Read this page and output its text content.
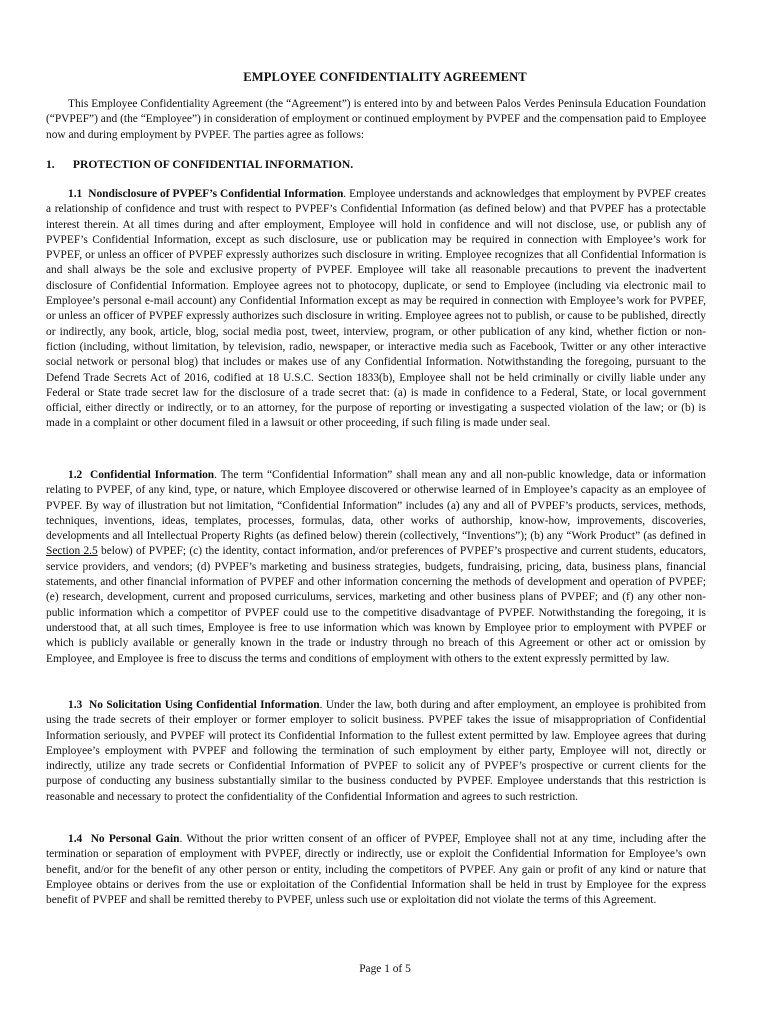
EMPLOYEE CONFIDENTIALITY AGREEMENT

This Employee Confidentiality Agreement (the “Agreement”) is entered into by and between Palos Verdes Peninsula Education Foundation (“PVPEF”) and (the “Employee”) in consideration of employment or continued employment by PVPEF and the compensation paid to Employee now and during employment by PVPEF. The parties agree as follows:

1. PROTECTION OF CONFIDENTIAL INFORMATION.

1.1 Nondisclosure of PVPEF’s Confidential Information. Employee understands and acknowledges that employment by PVPEF creates a relationship of confidence and trust with respect to PVPEF’s Confidential Information (as defined below) and that PVPEF has a protectable interest therein. At all times during and after employment, Employee will hold in confidence and will not disclose, use, or publish any of PVPEF’s Confidential Information, except as such disclosure, use or publication may be required in connection with Employee’s work for PVPEF, or unless an officer of PVPEF expressly authorizes such disclosure in writing. Employee recognizes that all Confidential Information is and shall always be the sole and exclusive property of PVPEF. Employee will take all reasonable precautions to prevent the inadvertent disclosure of Confidential Information. Employee agrees not to photocopy, duplicate, or send to Employee (including via electronic mail to Employee’s personal e-mail account) any Confidential Information except as may be required in connection with Employee’s work for PVPEF, or unless an officer of PVPEF expressly authorizes such disclosure in writing. Employee agrees not to publish, or cause to be published, directly or indirectly, any book, article, blog, social media post, tweet, interview, program, or other publication of any kind, whether fiction or non-fiction (including, without limitation, by television, radio, newspaper, or interactive media such as Facebook, Twitter or any other interactive social network or personal blog) that includes or makes use of any Confidential Information. Notwithstanding the foregoing, pursuant to the Defend Trade Secrets Act of 2016, codified at 18 U.S.C. Section 1833(b), Employee shall not be held criminally or civilly liable under any Federal or State trade secret law for the disclosure of a trade secret that: (a) is made in confidence to a Federal, State, or local government official, either directly or indirectly, or to an attorney, for the purpose of reporting or investigating a suspected violation of the law; or (b) is made in a complaint or other document filed in a lawsuit or other proceeding, if such filing is made under seal.

1.2 Confidential Information. The term “Confidential Information” shall mean any and all non-public knowledge, data or information relating to PVPEF, of any kind, type, or nature, which Employee discovered or otherwise learned of in Employee’s capacity as an employee of PVPEF. By way of illustration but not limitation, “Confidential Information” includes (a) any and all of PVPEF’s products, services, methods, techniques, inventions, ideas, templates, processes, formulas, data, other works of authorship, know-how, improvements, discoveries, developments and all Intellectual Property Rights (as defined below) therein (collectively, “Inventions”); (b) any “Work Product” (as defined in Section 2.5 below) of PVPEF; (c) the identity, contact information, and/or preferences of PVPEF’s prospective and current students, educators, service providers, and vendors; (d) PVPEF’s marketing and business strategies, budgets, fundraising, pricing, data, business plans, financial statements, and other financial information of PVPEF and other information concerning the methods of development and operation of PVPEF; (e) research, development, current and proposed curriculums, services, marketing and other business plans of PVPEF; and (f) any other non-public information which a competitor of PVPEF could use to the competitive disadvantage of PVPEF. Notwithstanding the foregoing, it is understood that, at all such times, Employee is free to use information which was known by Employee prior to employment with PVPEF or which is publicly available or generally known in the trade or industry through no breach of this Agreement or other act or omission by Employee, and Employee is free to discuss the terms and conditions of employment with others to the extent expressly permitted by law.

1.3 No Solicitation Using Confidential Information. Under the law, both during and after employment, an employee is prohibited from using the trade secrets of their employer or former employer to solicit business. PVPEF takes the issue of misappropriation of Confidential Information seriously, and PVPEF will protect its Confidential Information to the fullest extent permitted by law. Employee agrees that during Employee’s employment with PVPEF and following the termination of such employment by either party, Employee will not, directly or indirectly, utilize any trade secrets or Confidential Information of PVPEF to solicit any of PVPEF’s prospective or current clients for the purpose of conducting any business substantially similar to the business conducted by PVPEF. Employee understands that this restriction is reasonable and necessary to protect the confidentiality of the Confidential Information and agrees to such restriction.

1.4 No Personal Gain. Without the prior written consent of an officer of PVPEF, Employee shall not at any time, including after the termination or separation of employment with PVPEF, directly or indirectly, use or exploit the Confidential Information for Employee’s own benefit, and/or for the benefit of any other person or entity, including the competitors of PVPEF. Any gain or profit of any kind or nature that Employee obtains or derives from the use or exploitation of the Confidential Information shall be held in trust by Employee for the express benefit of PVPEF and shall be remitted thereby to PVPEF, unless such use or exploitation did not violate the terms of this Agreement.

Page 1 of 5
